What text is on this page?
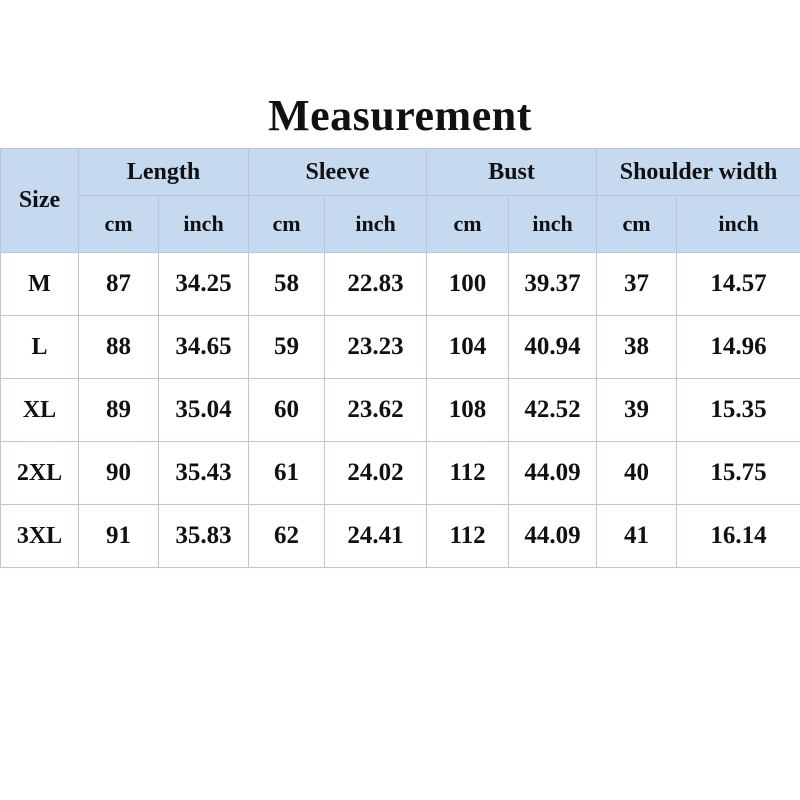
Measurement
Size	Length		Sleeve		Bust		Shoulder width	
	cm	inch	cm	inch	cm	inch	cm	inch
M	87	34.25	58	22.83	100	39.37	37	14.57
L	88	34.65	59	23.23	104	40.94	38	14.96
XL	89	35.04	60	23.62	108	42.52	39	15.35
2XL	90	35.43	61	24.02	112	44.09	40	15.75
3XL	91	35.83	62	24.41	112	44.09	41	16.14
